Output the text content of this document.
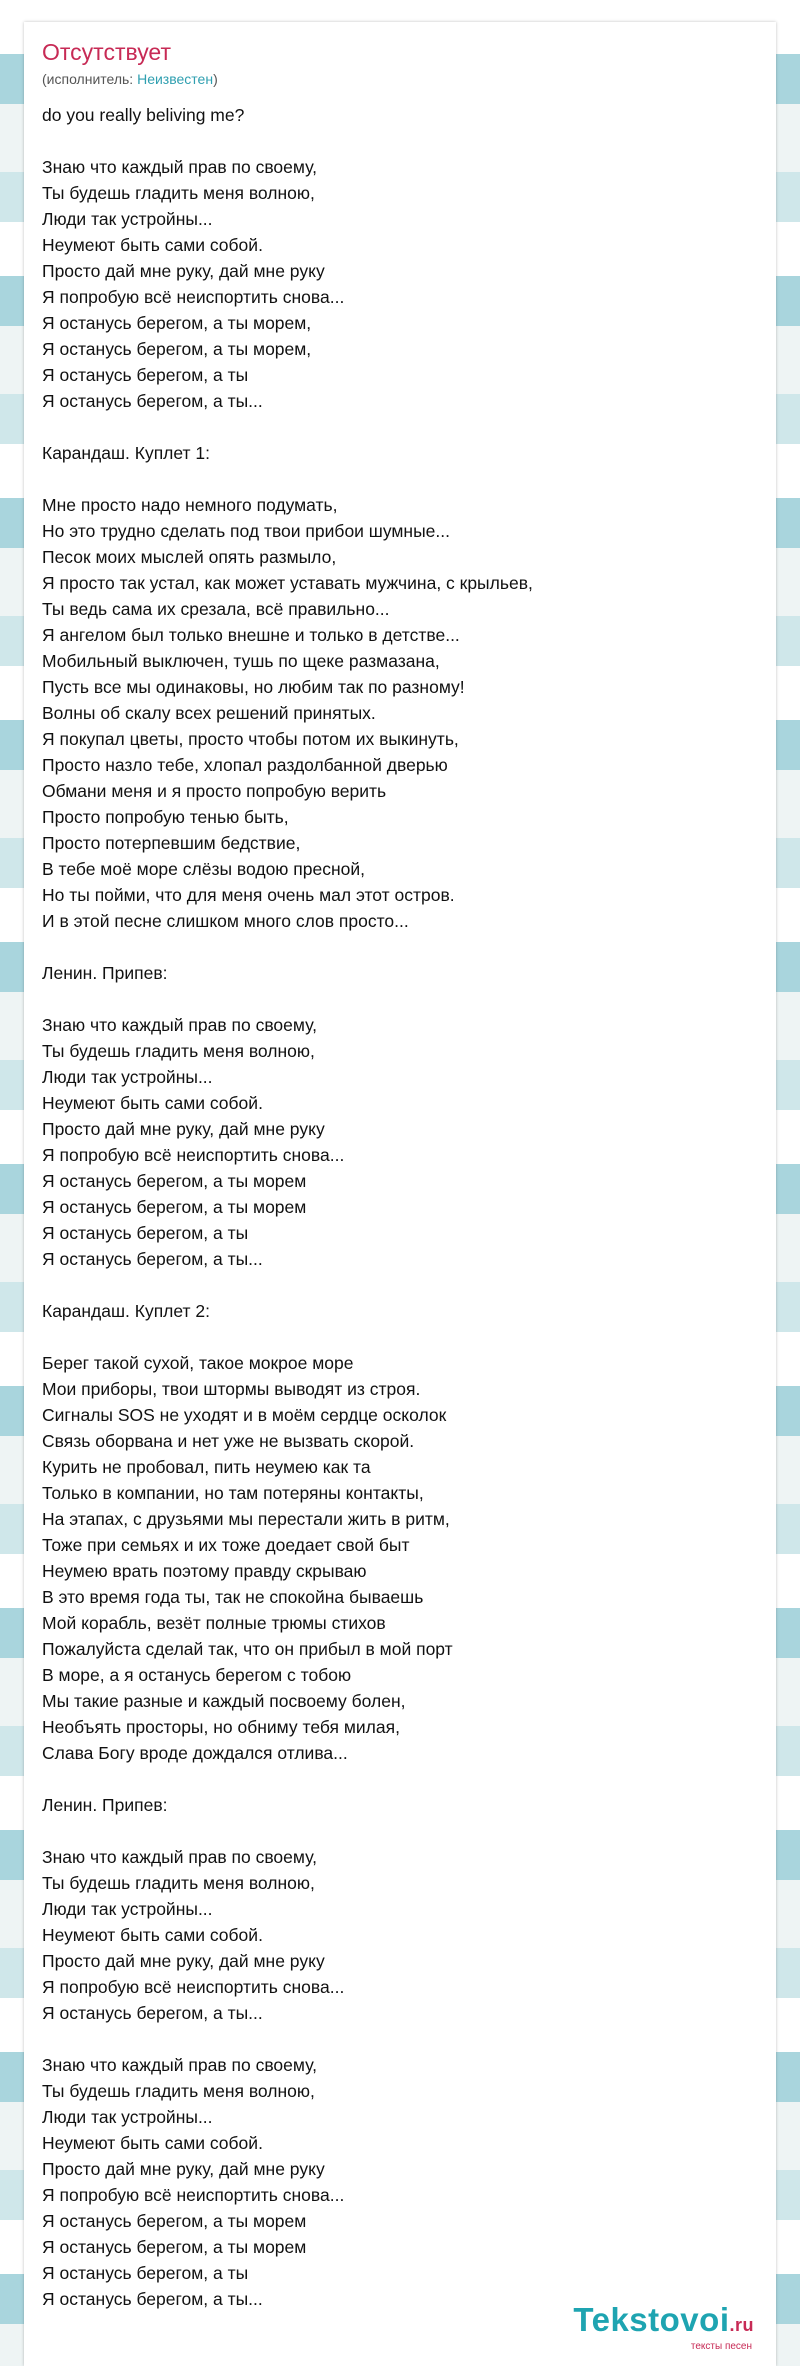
Отсутствует
(исполнитель: Неизвестен)
do you really beliving me?
Знаю что каждый прав по своему,
Ты будешь гладить меня волною,
Люди так устройны...
Неумеют быть сами собой.
Просто дай мне руку, дай мне руку
Я попробую всё неиспортить снова...
Я останусь берегом, а ты морем,
Я останусь берегом, а ты морем,
Я останусь берегом, а ты
Я останусь берегом, а ты...
Карандаш. Куплет 1:
Мне просто надо немного подумать,
Но это трудно сделать под твои прибои шумные...
Песок моих мыслей опять размыло,
Я просто так устал, как может уставать мужчина, с крыльев,
Ты ведь сама их срезала, всё правильно...
Я ангелом был только внешне и только в детстве...
Мобильный выключен, тушь по щеке размазана,
Пусть все мы одинаковы, но любим так по разному!
Волны об скалу всех решений принятых.
Я покупал цветы, просто чтобы потом их выкинуть,
Просто назло тебе, хлопал раздолбанной дверью
Обмани меня и я просто попробую верить
Просто попробую тенью быть,
Просто потерпевшим бедствие,
В тебе моё море слёзы водою пресной,
Но ты пойми, что для меня очень мал этот остров.
И в этой песне слишком много слов просто...
Ленин. Припев:
Знаю что каждый прав по своему,
Ты будешь гладить меня волною,
Люди так устройны...
Неумеют быть сами собой.
Просто дай мне руку, дай мне руку
Я попробую всё неиспортить снова...
Я останусь берегом, а ты морем
Я останусь берегом, а ты морем
Я останусь берегом, а ты
Я останусь берегом, а ты...
Карандаш. Куплет 2:
Берег такой сухой, такое мокрое море
Мои приборы, твои штормы выводят из строя.
Сигналы SOS не уходят и в моём сердце осколок
Связь оборвана и нет уже не вызвать скорой.
Курить не пробовал, пить неумею как та
Только в компании, но там потеряны контакты,
На этапах, с друзьями мы перестали жить в ритм,
Тоже при семьях и их тоже доедает свой быт
Неумею врать поэтому правду скрываю
В это время года ты, так не спокойна бываешь
Мой корабль, везёт полные трюмы стихов
Пожалуйста сделай так, что он прибыл в мой порт
В море, а я останусь берегом с тобою
Мы такие разные и каждый посвоему болен,
Необъять просторы, но обниму тебя милая,
Слава Богу вроде дождался отлива...
Ленин. Припев:
Знаю что каждый прав по своему,
Ты будешь гладить меня волною,
Люди так устройны...
Неумеют быть сами собой.
Просто дай мне руку, дай мне руку
Я попробую всё неиспортить снова...
Я останусь берегом, а ты...
Знаю что каждый прав по своему,
Ты будешь гладить меня волною,
Люди так устройны...
Неумеют быть сами собой.
Просто дай мне руку, дай мне руку
Я попробую всё неиспортить снова...
Я останусь берегом, а ты морем
Я останусь берегом, а ты морем
Я останусь берегом, а ты
Я останусь берегом, а ты...
Tekstovoi.ru
тексты песен
